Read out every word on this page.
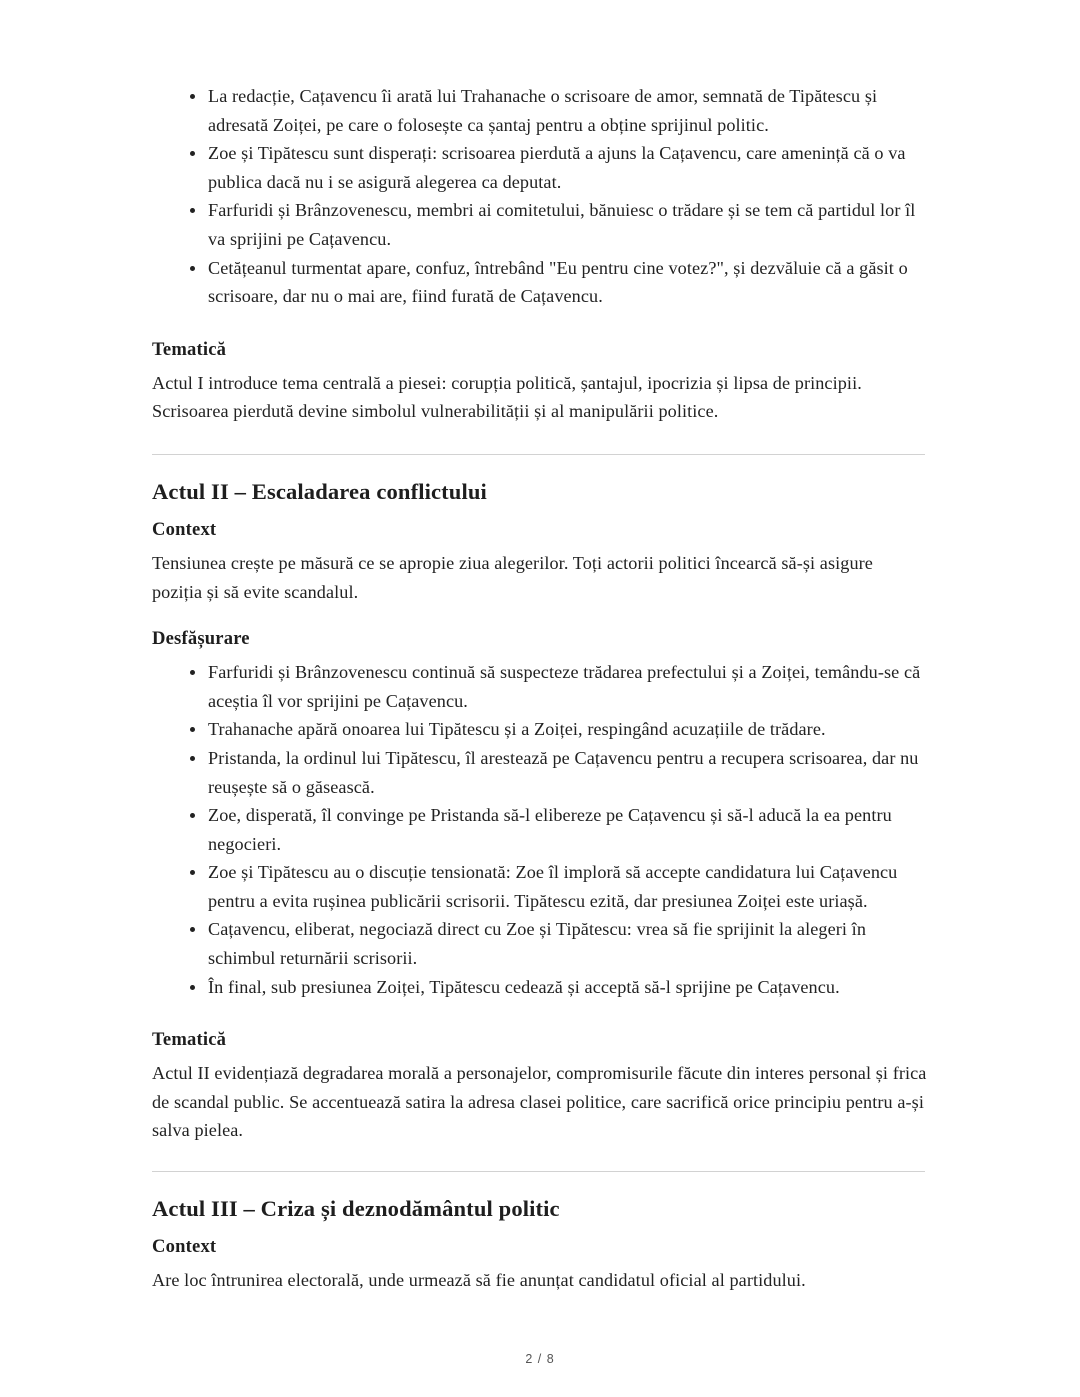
La redacție, Cațavencu îi arată lui Trahanache o scrisoare de amor, semnată de Tipătescu și adresată Zoiței, pe care o folosește ca șantaj pentru a obține sprijinul politic.
Zoe și Tipătescu sunt disperați: scrisoarea pierdută a ajuns la Cațavencu, care amenință că o va publica dacă nu i se asigură alegerea ca deputat.
Farfuridi și Brânzovenescu, membri ai comitetului, bănuiesc o trădare și se tem că partidul lor îl va sprijini pe Cațavencu.
Cetățeanul turmentat apare, confuz, întrebând "Eu pentru cine votez?", și dezvăluie că a găsit o scrisoare, dar nu o mai are, fiind furată de Cațavencu.
Tematică

Actul I introduce tema centrală a piesei: corupția politică, șantajul, ipocrizia și lipsa de principii. Scrisoarea pierdută devine simbolul vulnerabilității și al manipulării politice.

Actul II – Escaladarea conflictului
Context

Tensiunea crește pe măsură ce se apropie ziua alegerilor. Toți actorii politici încearcă să-și asigure poziția și să evite scandalul.

Desfășurare
Farfuridi și Brânzovenescu continuă să suspecteze trădarea prefectului și a Zoiței, temându-se că aceștia îl vor sprijini pe Cațavencu.
Trahanache apără onoarea lui Tipătescu și a Zoiței, respingând acuzațiile de trădare.
Pristanda, la ordinul lui Tipătescu, îl arestează pe Cațavencu pentru a recupera scrisoarea, dar nu reușește să o găsească.
Zoe, disperată, îl convinge pe Pristanda să-l elibereze pe Cațavencu și să-l aducă la ea pentru negocieri.
Zoe și Tipătescu au o discuție tensionată: Zoe îl imploră să accepte candidatura lui Cațavencu pentru a evita rușinea publicării scrisorii. Tipătescu ezită, dar presiunea Zoiței este uriașă.
Cațavencu, eliberat, negociază direct cu Zoe și Tipătescu: vrea să fie sprijinit la alegeri în schimbul returnării scrisorii.
În final, sub presiunea Zoiței, Tipătescu cedează și acceptă să-l sprijine pe Cațavencu.
Tematică

Actul II evidențiază degradarea morală a personajelor, compromisurile făcute din interes personal și frica de scandal public. Se accentuează satira la adresa clasei politice, care sacrifică orice principiu pentru a-și salva pielea.

Actul III – Criza și deznodământul politic
Context

Are loc întrunirea electorală, unde urmează să fie anunțat candidatul oficial al partidului.

2 / 8
